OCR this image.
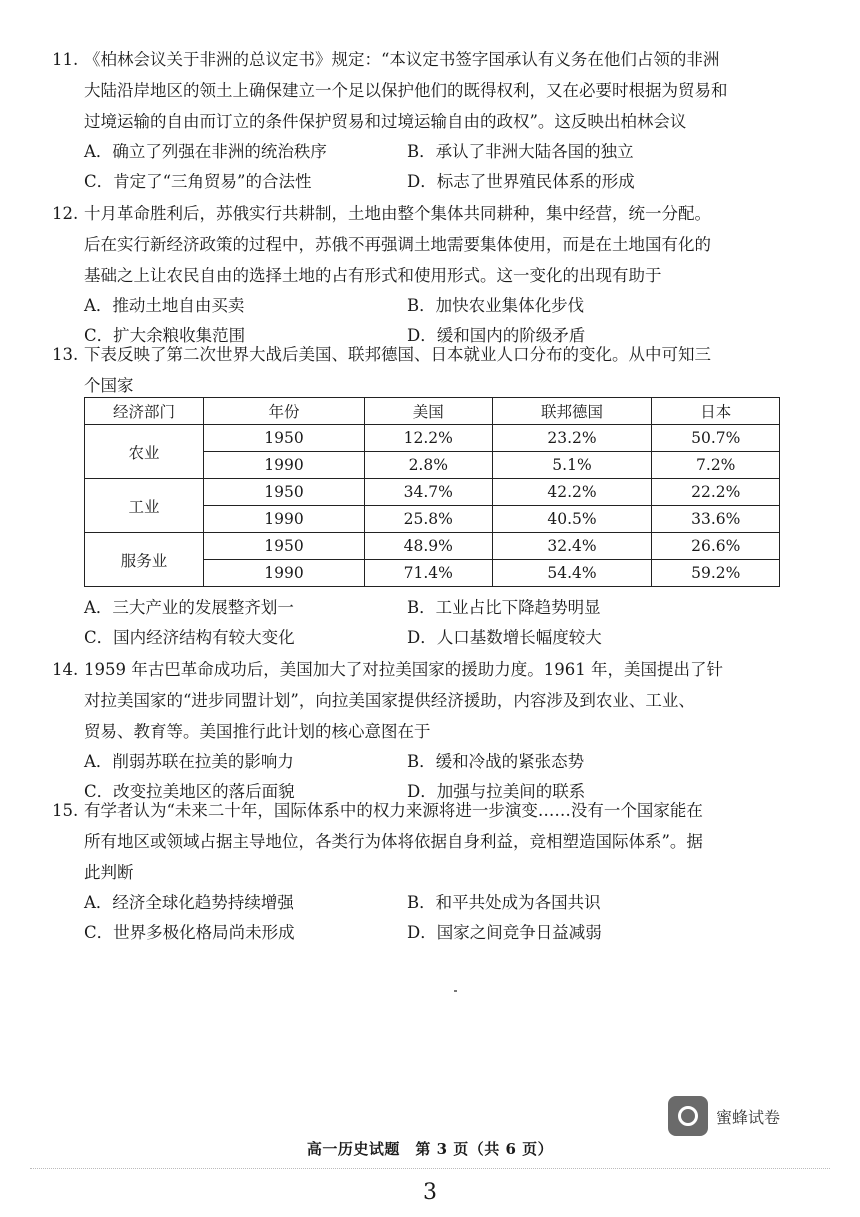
11. 《柏林会议关于非洲的总议定书》规定：“本议定书签字国承认有义务在他们占领的非洲

大陆沿岸地区的领土上确保建立一个足以保护他们的既得权利，又在必要时根据为贸易和

过境运输的自由而订立的条件保护贸易和过境运输自由的政权”。这反映出柏林会议

A．确立了列强在非洲的统治秩序	B．承认了非洲大陆各国的独立
C．肯定了“三角贸易”的合法性	D．标志了世界殖民体系的形成

12. 十月革命胜利后，苏俄实行共耕制，土地由整个集体共同耕种，集中经营，统一分配。

后在实行新经济政策的过程中，苏俄不再强调土地需要集体使用，而是在土地国有化的

基础之上让农民自由的选择土地的占有形式和使用形式。这一变化的出现有助于

A．推动土地自由买卖	B．加快农业集体化步伐
C．扩大余粮收集范围	D．缓和国内的阶级矛盾

13. 下表反映了第二次世界大战后美国、联邦德国、日本就业人口分布的变化。从中可知三

个国家

经济部门	年份	美国	联邦德国	日本
农业	1950	12.2%	23.2%	50.7%
	1990	2.8%	5.1%	7.2%
工业	1950	34.7%	42.2%	22.2%
	1990	25.8%	40.5%	33.6%
服务业	1950	48.9%	32.4%	26.6%
	1990	71.4%	54.4%	59.2%
A．三大产业的发展整齐划一	B．工业占比下降趋势明显
C．国内经济结构有较大变化	D．人口基数增长幅度较大

14. 1959 年古巴革命成功后，美国加大了对拉美国家的援助力度。1961 年，美国提出了针

对拉美国家的“进步同盟计划”，向拉美国家提供经济援助，内容涉及到农业、工业、

贸易、教育等。美国推行此计划的核心意图在于

A．削弱苏联在拉美的影响力	B．缓和冷战的紧张态势
C．改变拉美地区的落后面貌	D．加强与拉美间的联系

15. 有学者认为“未来二十年，国际体系中的权力来源将进一步演变……没有一个国家能在

所有地区或领域占据主导地位，各类行为体将依据自身利益，竞相塑造国际体系”。据

此判断

A．经济全球化趋势持续增强	B．和平共处成为各国共识
C．世界多极化格局尚未形成	D．国家之间竞争日益减弱
蜜蜂试卷
高一历史试题　第 3 页（共 6 页）
3
